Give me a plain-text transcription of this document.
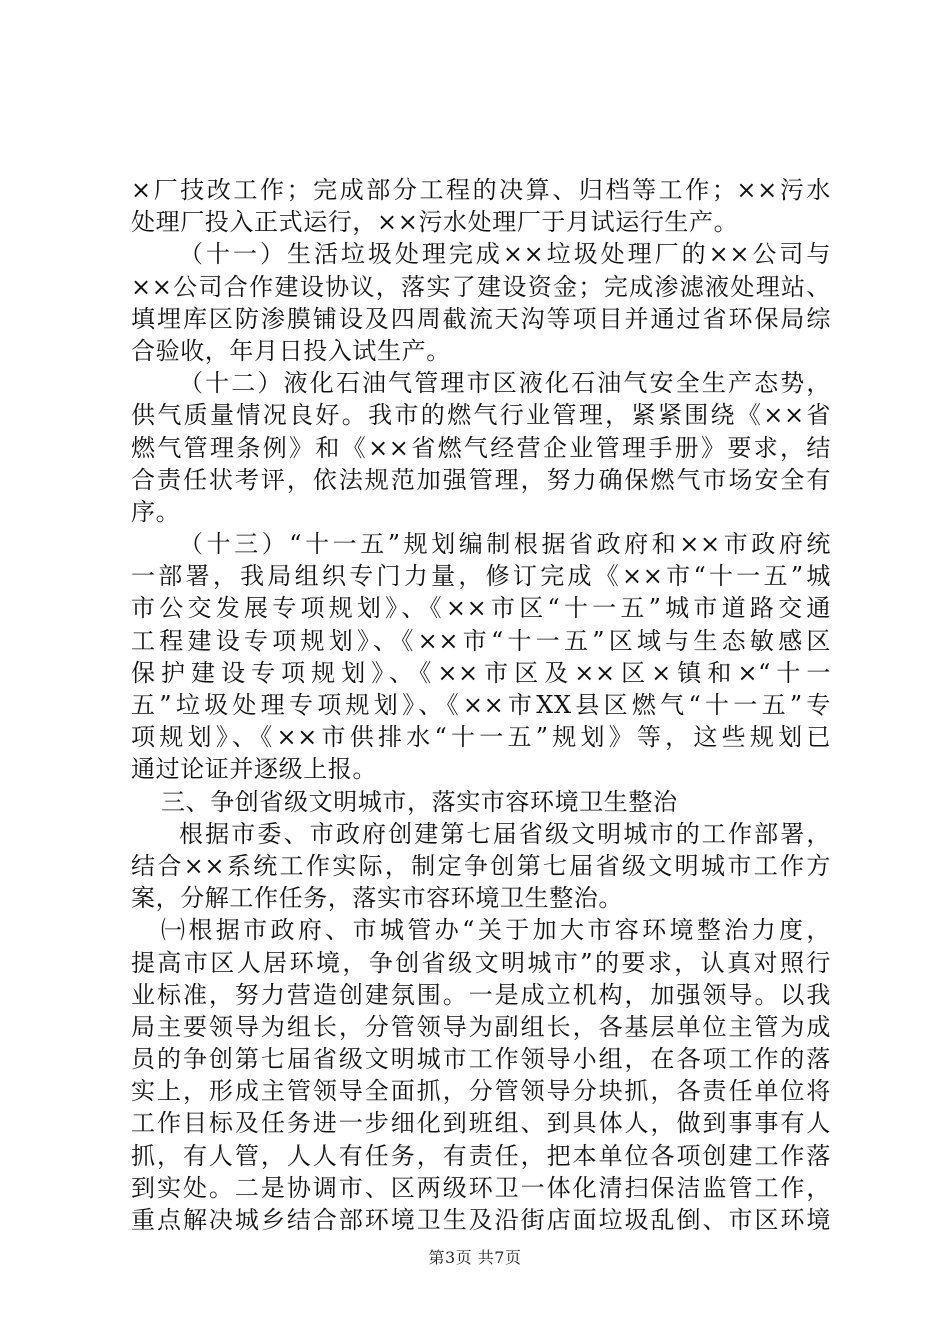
×厂技改工作；完成部分工程的决算、归档等工作；××污水
处理厂投入正式运行，××污水处理厂于月试运行生产。
（十一）生活垃圾处理完成××垃圾处理厂的××公司与
××公司合作建设协议，落实了建设资金；完成渗滤液处理站、
填埋库区防渗膜铺设及四周截流天沟等项目并通过省环保局综
合验收，年月日投入试生产。
（十二）液化石油气管理市区液化石油气安全生产态势，
供气质量情况良好。我市的燃气行业管理，紧紧围绕《××省
燃气管理条例》和《××省燃气经营企业管理手册》要求，结
合责任状考评，依法规范加强管理，努力确保燃气市场安全有
序。
（十三）“十一五”规划编制根据省政府和××市政府统
一部署，我局组织专门力量，修订完成《××市“十一五”城
市公交发展专项规划》、《××市区“十一五”城市道路交通
工程建设专项规划》、《××市“十一五”区域与生态敏感区
保护建设专项规划》、《××市区及××区×镇和×“十一
五”垃圾处理专项规划》、《××市XX县区燃气“十一五”专
项规划》、《××市供排水“十一五”规划》等，这些规划已
通过论证并逐级上报。
三、争创省级文明城市，落实市容环境卫生整治
根据市委、市政府创建第七届省级文明城市的工作部署，
结合××系统工作实际，制定争创第七届省级文明城市工作方
案，分解工作任务，落实市容环境卫生整治。
㈠根据市政府、市城管办“关于加大市容环境整治力度，
提高市区人居环境，争创省级文明城市”的要求，认真对照行
业标准，努力营造创建氛围。一是成立机构，加强领导。以我
局主要领导为组长，分管领导为副组长，各基层单位主管为成
员的争创第七届省级文明城市工作领导小组，在各项工作的落
实上，形成主管领导全面抓，分管领导分块抓，各责任单位将
工作目标及任务进一步细化到班组、到具体人，做到事事有人
抓，有人管，人人有任务，有责任，把本单位各项创建工作落
到实处。二是协调市、区两级环卫一体化清扫保洁监管工作，
重点解决城乡结合部环境卫生及沿街店面垃圾乱倒、市区环境
第3页 共7页
